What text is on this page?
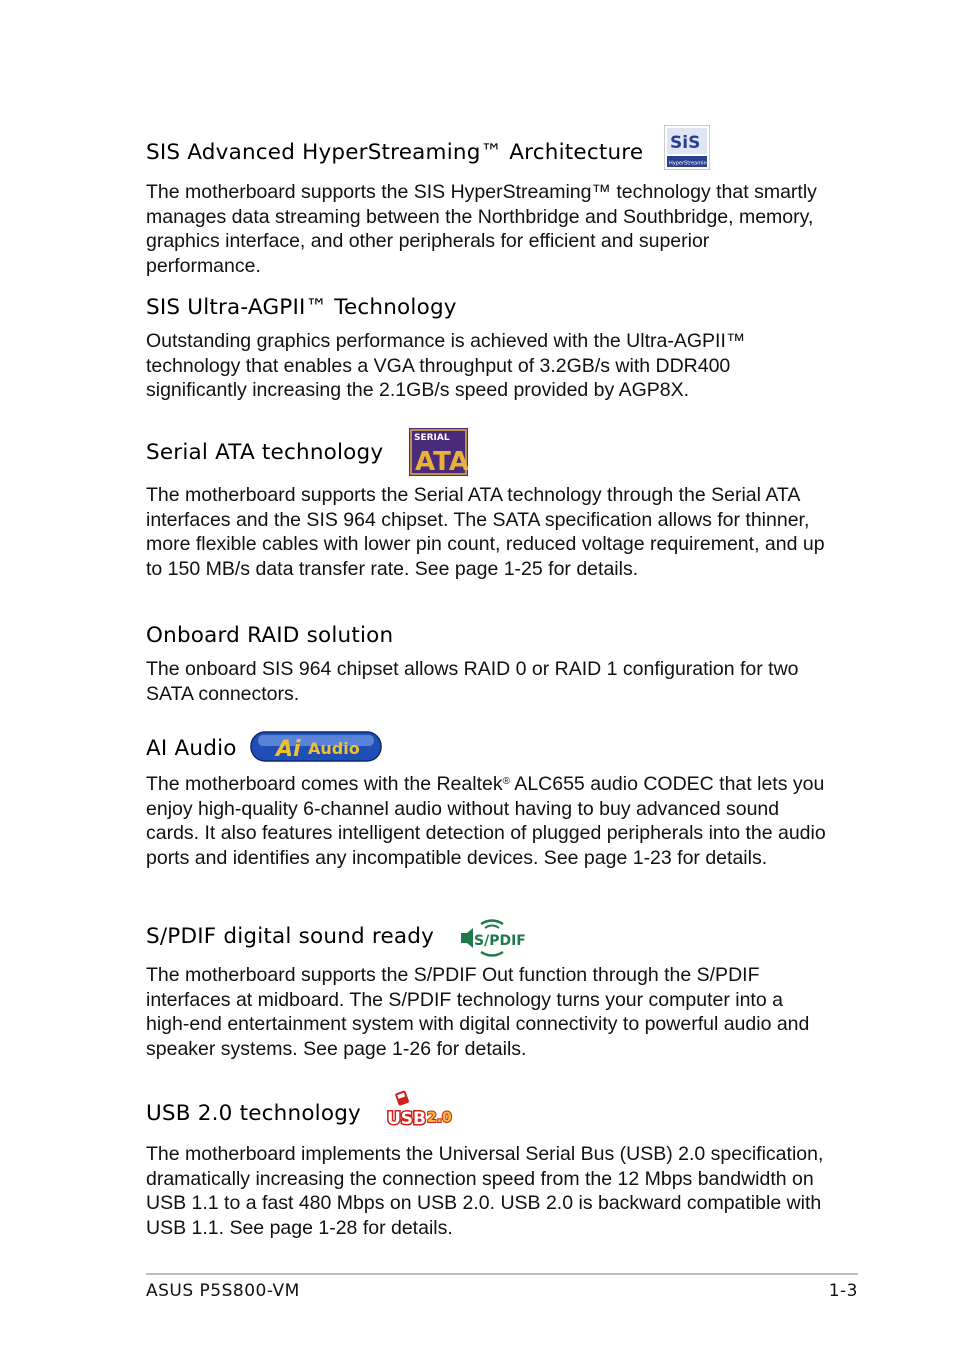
SIS Advanced HyperStreaming™ Architecture SiS
HyperStreaming

The motherboard supports the SIS HyperStreaming™ technology that smartly manages data streaming between the Northbridge and Southbridge, memory, graphics interface, and other peripherals for efficient and superior performance.

SIS Ultra-AGPII™ Technology

Outstanding graphics performance is achieved with the Ultra-AGPII™ technology that enables a VGA throughput of 3.2GB/s with DDR400 significantly increasing the 2.1GB/s speed provided by AGP8X.

Serial ATA technology
SERIAL
ATA

The motherboard supports the Serial ATA technology through the Serial ATA interfaces and the SIS 964 chipset. The SATA specification allows for thinner, more flexible cables with lower pin count, reduced voltage requirement, and up to 150 MB/s data transfer rate. See page 1-25 for details.

Onboard RAID solution

The onboard SIS 964 chipset allows RAID 0 or RAID 1 configuration for two SATA connectors.

AI Audio Ai Audio

The motherboard comes with the Realtek® ALC655 audio CODEC that lets you enjoy high-quality 6-channel audio without having to buy advanced sound cards. It also features intelligent detection of plugged peripherals into the audio ports and identifies any incompatible devices. See page 1-23 for details.

S/PDIF digital sound ready	S/PDIF

The motherboard supports the S/PDIF Out function through the S/PDIF interfaces at midboard. The S/PDIF technology turns your computer into a high-end entertainment system with digital connectivity to powerful audio and speaker systems. See page 1-26 for details.

USB 2.0 technology USB 2.0

The motherboard implements the Universal Serial Bus (USB) 2.0 specification, dramatically increasing the connection speed from the 12 Mbps bandwidth on USB 1.1 to a fast 480 Mbps on USB 2.0. USB 2.0 is backward compatible with USB 1.1. See page 1-28 for details.

ASUS P5S800-VM	1-3
